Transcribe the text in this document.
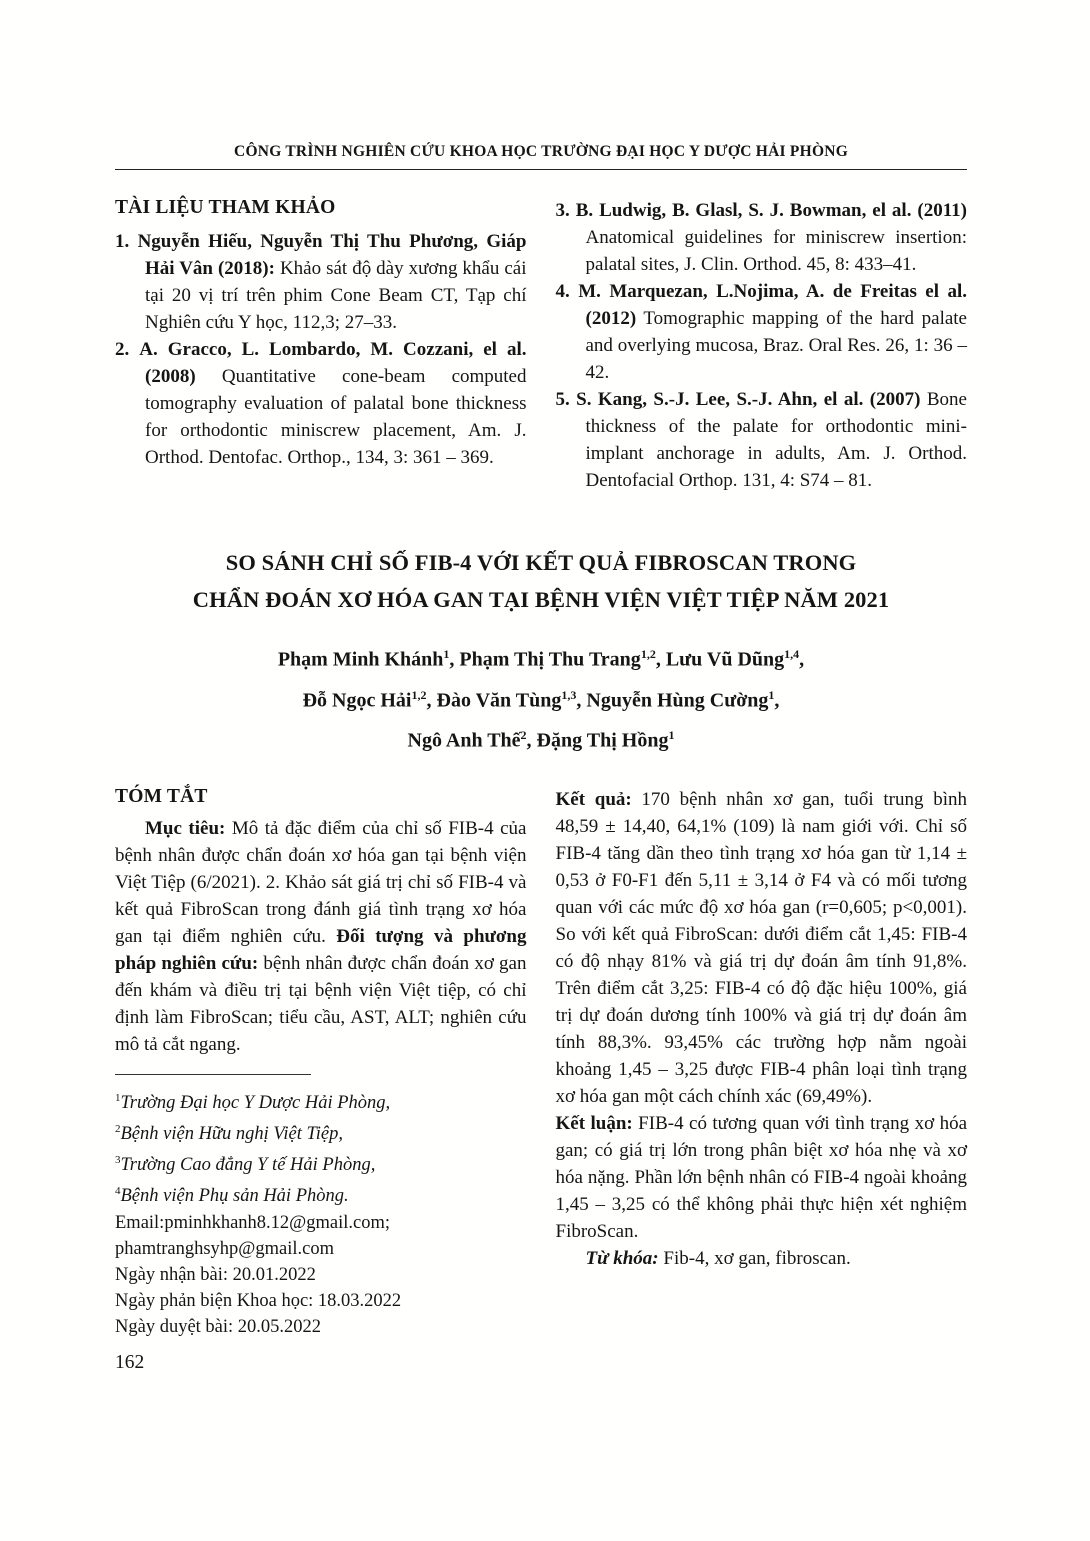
CÔNG TRÌNH NGHIÊN CỨU KHOA HỌC TRƯỜNG ĐẠI HỌC Y DƯỢC HẢI PHÒNG
TÀI LIỆU THAM KHẢO

1. Nguyễn Hiếu, Nguyễn Thị Thu Phương, Giáp Hải Vân (2018): Khảo sát độ dày xương khẩu cái tại 20 vị trí trên phim Cone Beam CT, Tạp chí Nghiên cứu Y học, 112,3; 27–33.

2. A. Gracco, L. Lombardo, M. Cozzani, el al. (2008) Quantitative cone-beam computed tomography evaluation of palatal bone thickness for orthodontic miniscrew placement, Am. J. Orthod. Dentofac. Orthop., 134, 3: 361 – 369.

3. B. Ludwig, B. Glasl, S. J. Bowman, el al. (2011) Anatomical guidelines for miniscrew insertion: palatal sites, J. Clin. Orthod. 45, 8: 433–41.

4. M. Marquezan, L.Nojima, A. de Freitas el al. (2012) Tomographic mapping of the hard palate and overlying mucosa, Braz. Oral Res. 26, 1: 36 – 42.

5. S. Kang, S.-J. Lee, S.-J. Ahn, el al. (2007) Bone thickness of the palate for orthodontic mini-implant anchorage in adults, Am. J. Orthod. Dentofacial Orthop. 131, 4: S74 – 81.

SO SÁNH CHỈ SỐ FIB-4 VỚI KẾT QUẢ FIBROSCAN TRONG
CHẨN ĐOÁN XƠ HÓA GAN TẠI BỆNH VIỆN VIỆT TIỆP NĂM 2021
Phạm Minh Khánh$^1$, Phạm Thị Thu Trang$^{1,2}$, Lưu Vũ Dũng$^{1,4}$,
Đỗ Ngọc Hải$^{1,2}$, Đào Văn Tùng$^{1,3}$, Nguyễn Hùng Cường$^1$,
Ngô Anh Thế$^2$, Đặng Thị Hồng$^1$
TÓM TẮT

Mục tiêu: Mô tả đặc điểm của chỉ số FIB-4 của bệnh nhân được chẩn đoán xơ hóa gan tại bệnh viện Việt Tiệp (6/2021). 2. Khảo sát giá trị chỉ số FIB-4 và kết quả FibroScan trong đánh giá tình trạng xơ hóa gan tại điểm nghiên cứu. Đối tượng và phương pháp nghiên cứu: bệnh nhân được chẩn đoán xơ gan đến khám và điều trị tại bệnh viện Việt tiệp, có chỉ định làm FibroScan; tiểu cầu, AST, ALT; nghiên cứu mô tả cắt ngang.

$^1$Trường Đại học Y Dược Hải Phòng,

$^2$Bệnh viện Hữu nghị Việt Tiệp,

$^3$Trường Cao đẳng Y tế Hải Phòng,

$^4$Bệnh viện Phụ sản Hải Phòng.

Email:pminhkhanh8.12@gmail.com;

phamtranghsyhp@gmail.com

Ngày nhận bài: 20.01.2022

Ngày phản biện Khoa học: 18.03.2022

Ngày duyệt bài: 20.05.2022

Kết quả: 170 bệnh nhân xơ gan, tuổi trung bình 48,59 ± 14,40, 64,1% (109) là nam giới với. Chỉ số FIB-4 tăng dần theo tình trạng xơ hóa gan từ 1,14 ± 0,53 ở F0-F1 đến 5,11 ± 3,14 ở F4 và có mối tương quan với các mức độ xơ hóa gan (r=0,605; p<0,001). So với kết quả FibroScan: dưới điểm cắt 1,45: FIB-4 có độ nhạy 81% và giá trị dự đoán âm tính 91,8%. Trên điểm cắt 3,25: FIB-4 có độ đặc hiệu 100%, giá trị dự đoán dương tính 100% và giá trị dự đoán âm tính 88,3%. 93,45% các trường hợp nằm ngoài khoảng 1,45 – 3,25 được FIB-4 phân loại tình trạng xơ hóa gan một cách chính xác (69,49%).

Kết luận: FIB-4 có tương quan với tình trạng xơ hóa gan; có giá trị lớn trong phân biệt xơ hóa nhẹ và xơ hóa nặng. Phần lớn bệnh nhân có FIB-4 ngoài khoảng 1,45 – 3,25 có thể không phải thực hiện xét nghiệm FibroScan.

Từ khóa: Fib-4, xơ gan, fibroscan.

162
